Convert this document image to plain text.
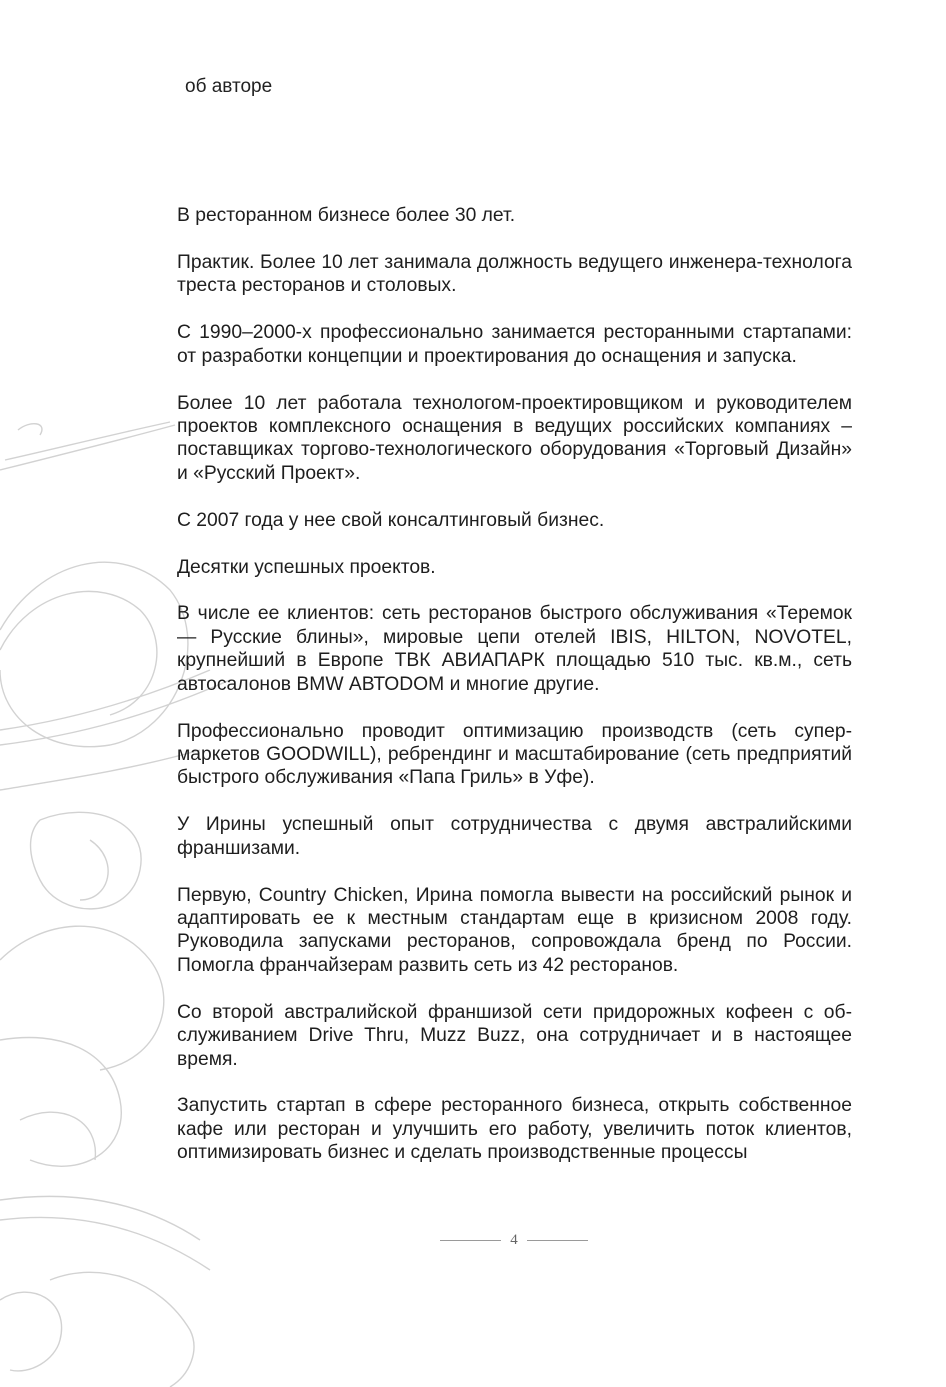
об авторе

В ресторанном бизнесе более 30 лет.

Практик. Более 10 лет занимала должность ведущего инженера-технолога треста ресторанов и столовых.

С 1990–2000-х профессионально занимается ресторанными стартапами: от разработки концепции и проектирования до оснащения и запуска.

Более 10 лет работала технологом-проектировщиком и руководителем проектов комплексного оснащения в ведущих российских компаниях – поставщиках торгово-технологического оборудования «Торговый Дизайн» и «Русский Проект».

С 2007 года у нее свой консалтинговый бизнес.

Десятки успешных проектов.

В числе ее клиентов: сеть ресторанов быстрого обслуживания «Теремок — Русские блины», мировые цепи отелей IBIS, HILTON, NOVOTEL, крупнейший в Европе ТВК АВИАПАРК площадью 510 тыс. кв.м., сеть автосалонов BMW АВТОDOM и многие другие.

Профессионально проводит оптимизацию производств (сеть супермаркетов GOODWILL), ребрендинг и масштабирование (сеть предприятий быстрого обслуживания «Папа Гриль» в Уфе).

У Ирины успешный опыт сотрудничества с двумя австралийскими франшизами.

Первую, Country Chicken, Ирина помогла вывести на российский рынок и адаптировать ее к местным стандартам еще в кризисном 2008 году. Руководила запусками ресторанов, сопровождала бренд по России. Помогла франчайзерам развить сеть из 42 ресторанов.

Со второй австралийской франшизой сети придорожных кофеен с обслуживанием Drive Thru, Muzz Buzz, она сотрудничает и в настоящее время.

Запустить стартап в сфере ресторанного бизнеса, открыть собственное кафе или ресторан и улучшить его работу, увеличить поток клиентов, оптимизировать бизнес и сделать производственные процессы

4
